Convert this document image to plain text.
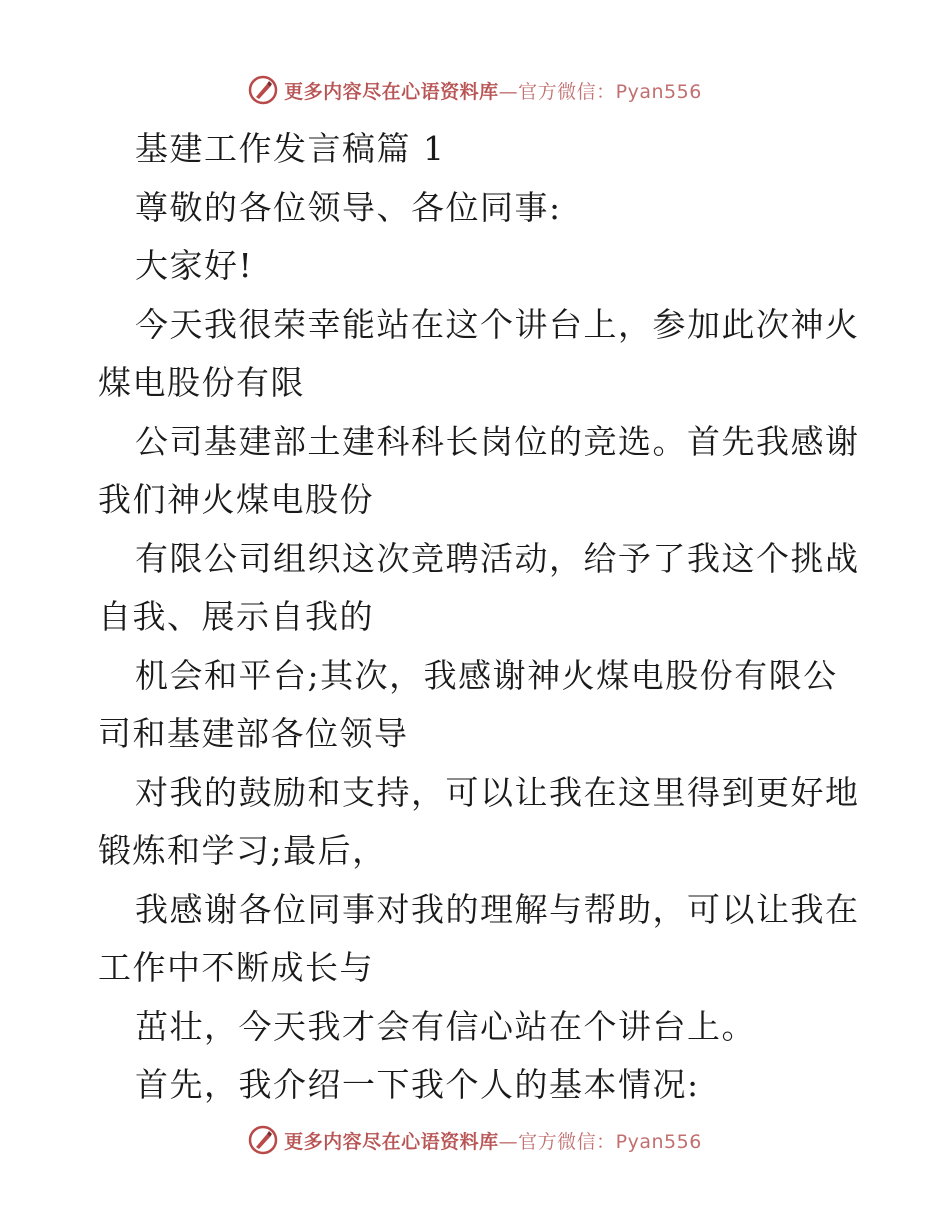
更多内容尽在心语资料库—官方微信：Pyan556
基建工作发言稿篇 1
尊敬的各位领导、各位同事:
大家好!
今天我很荣幸能站在这个讲台上，参加此次神火
煤电股份有限
公司基建部土建科科长岗位的竞选。首先我感谢
我们神火煤电股份
有限公司组织这次竞聘活动，给予了我这个挑战
自我、展示自我的
机会和平台;其次，我感谢神火煤电股份有限公
司和基建部各位领导
对我的鼓励和支持，可以让我在这里得到更好地
锻炼和学习;最后，
我感谢各位同事对我的理解与帮助，可以让我在
工作中不断成长与
茁壮，今天我才会有信心站在个讲台上。
首先，我介绍一下我个人的基本情况:
更多内容尽在心语资料库—官方微信：Pyan556
